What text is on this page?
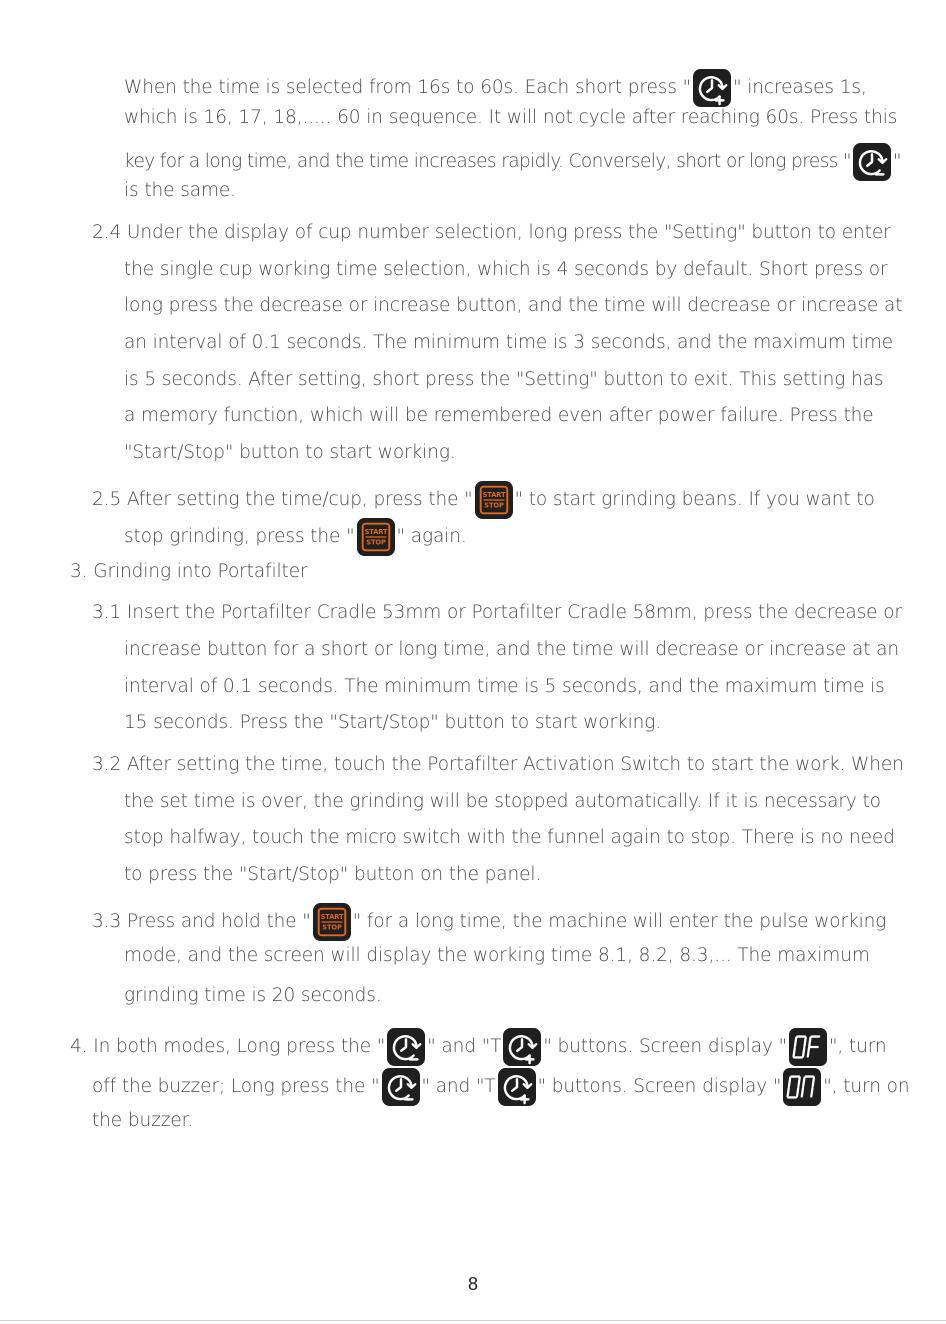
When the time is selected from 16s to 60s. Each short press " " increases 1s,
which is 16, 17, 18,..... 60 in sequence. It will not cycle after reaching 60s. Press this
key for a long time, and the time increases rapidly. Conversely, short or long press " "
is the same.
2.4 Under the display of cup number selection, long press the "Setting" button to enter
the single cup working time selection, which is 4 seconds by default. Short press or
long press the decrease or increase button, and the time will decrease or increase at
an interval of 0.1 seconds. The minimum time is 3 seconds, and the maximum time
is 5 seconds. After setting, short press the "Setting" button to exit. This setting has
a memory function, which will be remembered even after power failure. Press the
"Start/Stop" button to start working.
2.5 After setting the time/cup, press the " START
STOP " to start grinding beans. If you want to
stop grinding, press the " START
STOP " again.
3. Grinding into Portafilter
3.1 Insert the Portafilter Cradle 53mm or Portafilter Cradle 58mm, press the decrease or
increase button for a short or long time, and the time will decrease or increase at an
interval of 0.1 seconds. The minimum time is 5 seconds, and the maximum time is
15 seconds. Press the "Start/Stop" button to start working.
3.2 After setting the time, touch the Portafilter Activation Switch to start the work. When
the set time is over, the grinding will be stopped automatically. If it is necessary to
stop halfway, touch the micro switch with the funnel again to stop. There is no need
to press the "Start/Stop" button on the panel.
3.3 Press and hold the " START
STOP " for a long time, the machine will enter the pulse working
mode, and the screen will display the working time 8.1, 8.2, 8.3,... The maximum
grinding time is 20 seconds.
4. In both modes, Long press the " " and "T " buttons. Screen display " ", turn
off the buzzer; Long press the " " and "T " buttons. Screen display " ", turn on
the buzzer.
8
